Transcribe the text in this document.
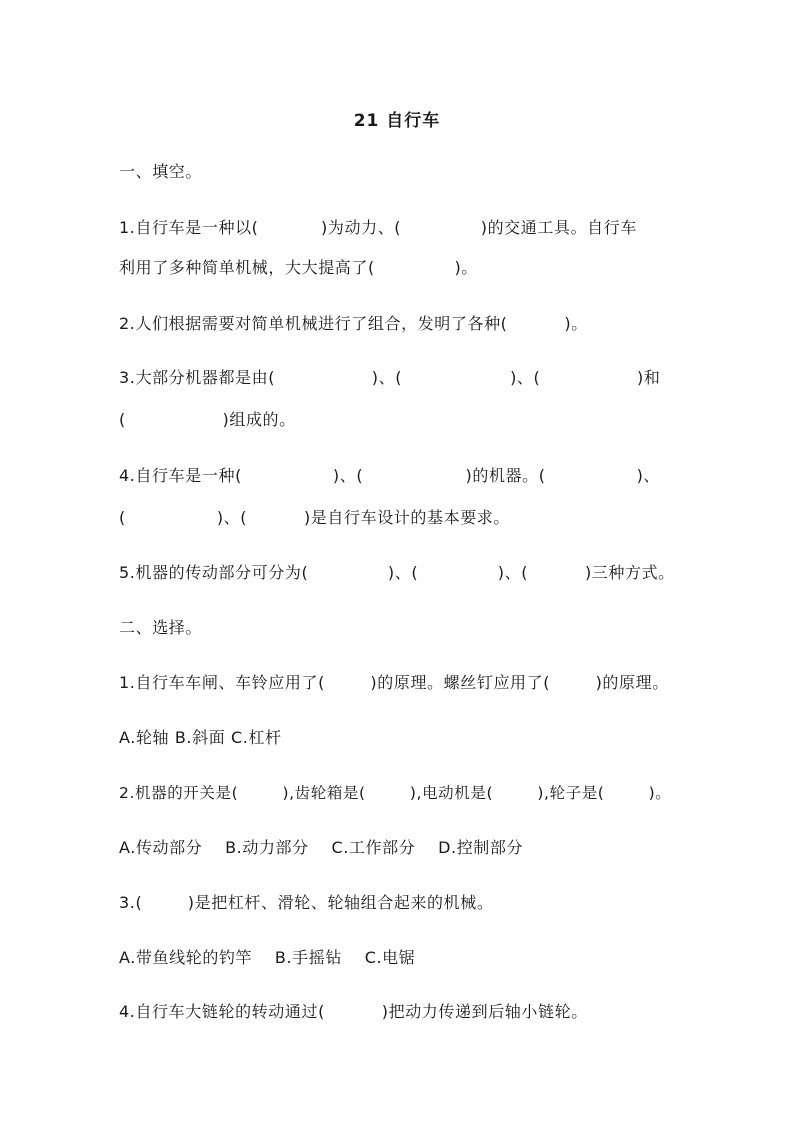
21 自行车
一、填空。
1.自行车是一种以(           )为动力、(              )的交通工具。自行车
利用了多种简单机械，大大提高了(              )。
2.人们根据需要对简单机械进行了组合，发明了各种(          )。
3.大部分机器都是由(                 )、(                   )、(                 )和
(                 )组成的。
4.自行车是一种(                )、(                  )的机器。(                )、
(                )、(          )是自行车设计的基本要求。
5.机器的传动部分可分为(              )、(              )、(          )三种方式。
二、选择。
1.自行车车闸、车铃应用了(        )的原理。螺丝钉应用了(        )的原理。
A.轮轴 B.斜面 C.杠杆
2.机器的开关是(        ),齿轮箱是(        ),电动机是(        ),轮子是(        )。
A.传动部分    B.动力部分    C.工作部分    D.控制部分
3.(        )是把杠杆、滑轮、轮轴组合起来的机械。
A.带鱼线轮的钓竿    B.手摇钻    C.电锯
4.自行车大链轮的转动通过(          )把动力传递到后轴小链轮。
